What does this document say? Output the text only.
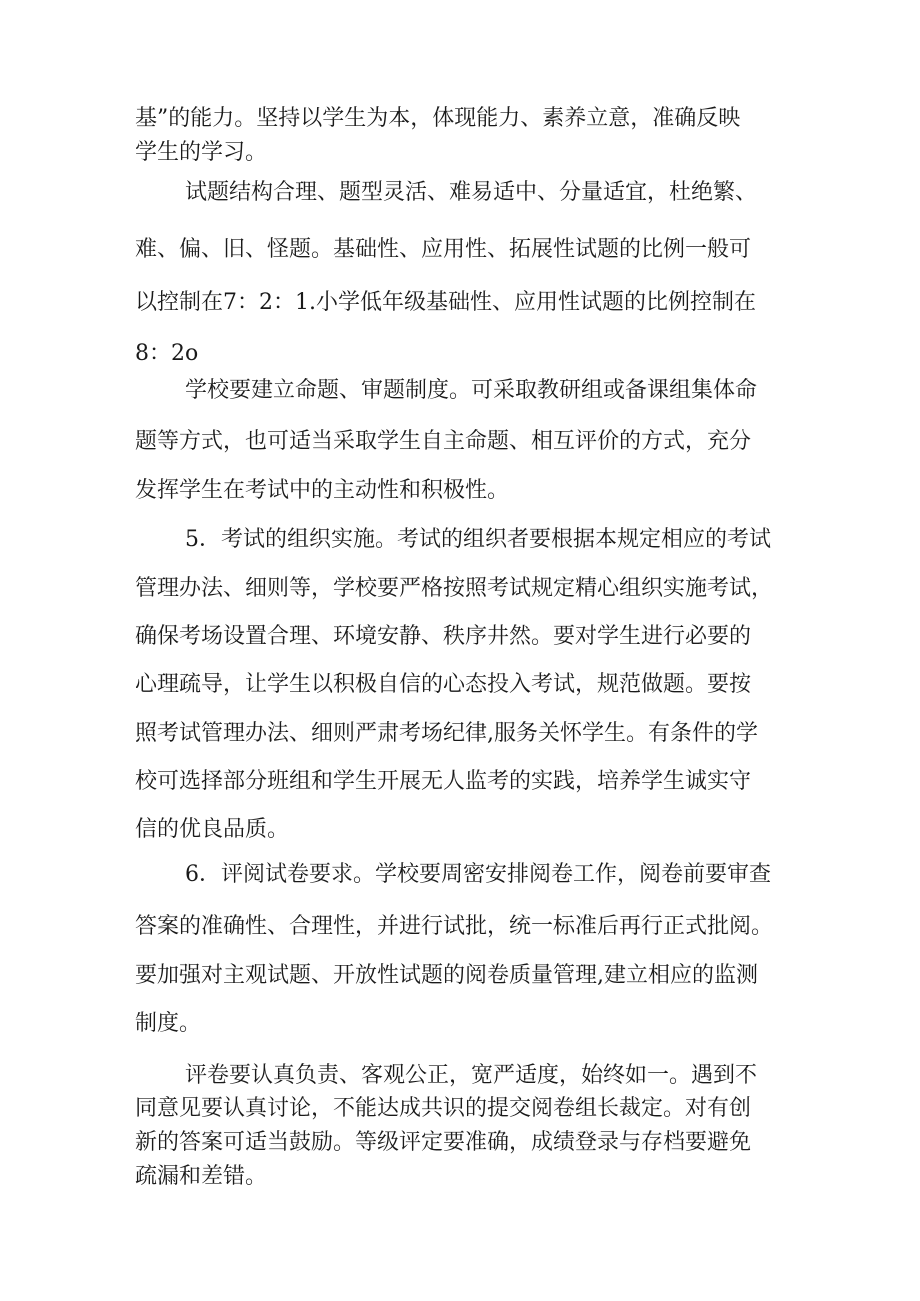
基”的能力。坚持以学生为本，体现能力、素养立意，准确反映
学生的学习。
试题结构合理、题型灵活、难易适中、分量适宜，杜绝繁、
难、偏、旧、怪题。基础性、应用性、拓展性试题的比例一般可
以控制在7：2：1.小学低年级基础性、应用性试题的比例控制在
8：2o
学校要建立命题、审题制度。可采取教研组或备课组集体命
题等方式，也可适当采取学生自主命题、相互评价的方式，充分
发挥学生在考试中的主动性和积极性。
5．考试的组织实施。考试的组织者要根据本规定相应的考试
管理办法、细则等，学校要严格按照考试规定精心组织实施考试，
确保考场设置合理、环境安静、秩序井然。要对学生进行必要的
心理疏导，让学生以积极自信的心态投入考试，规范做题。要按
照考试管理办法、细则严肃考场纪律,服务关怀学生。有条件的学
校可选择部分班组和学生开展无人监考的实践，培养学生诚实守
信的优良品质。
6．评阅试卷要求。学校要周密安排阅卷工作，阅卷前要审查
答案的准确性、合理性，并进行试批，统一标准后再行正式批阅。
要加强对主观试题、开放性试题的阅卷质量管理,建立相应的监测
制度。
评卷要认真负责、客观公正，宽严适度，始终如一。遇到不
同意见要认真讨论，不能达成共识的提交阅卷组长裁定。对有创
新的答案可适当鼓励。等级评定要准确，成绩登录与存档要避免
疏漏和差错。
